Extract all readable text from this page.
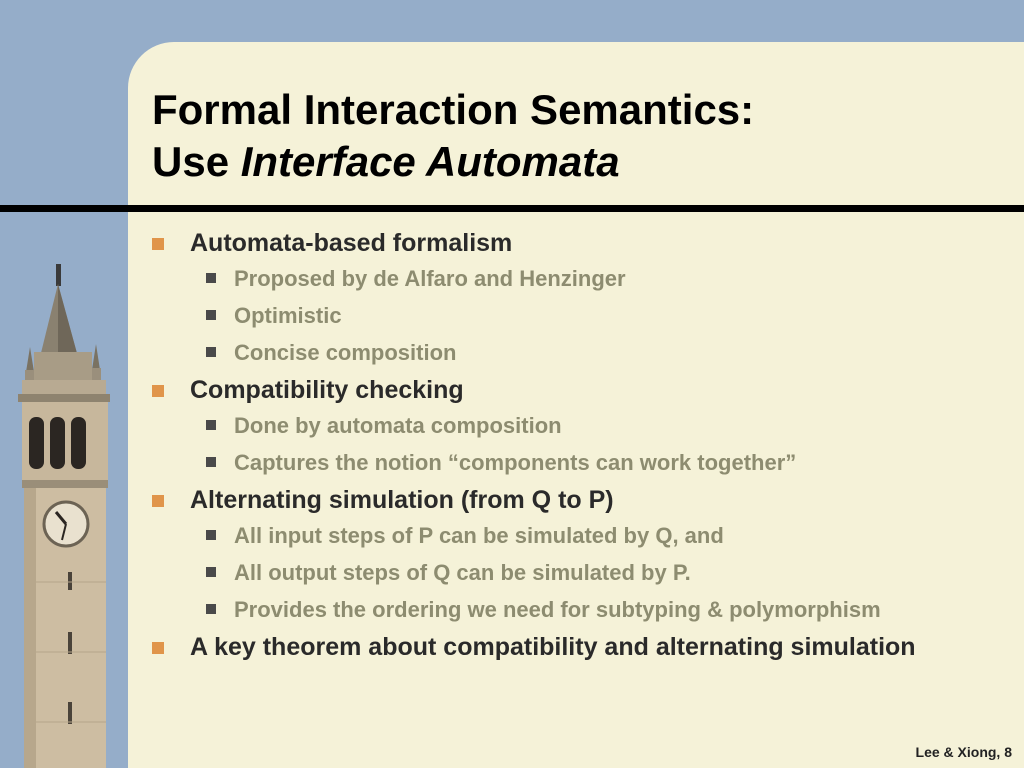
Formal Interaction Semantics:
Use Interface Automata

Automata-based formalism

Proposed by de Alfaro and Henzinger

Optimistic

Concise composition

Compatibility checking

Done by automata composition

Captures the notion “components can work together”

Alternating simulation (from Q to P)

All input steps of P can be simulated by Q, and

All output steps of Q can be simulated by P.

Provides the ordering we need for subtyping & polymorphism

A key theorem about compatibility and alternating simulation

Lee & Xiong, 8
